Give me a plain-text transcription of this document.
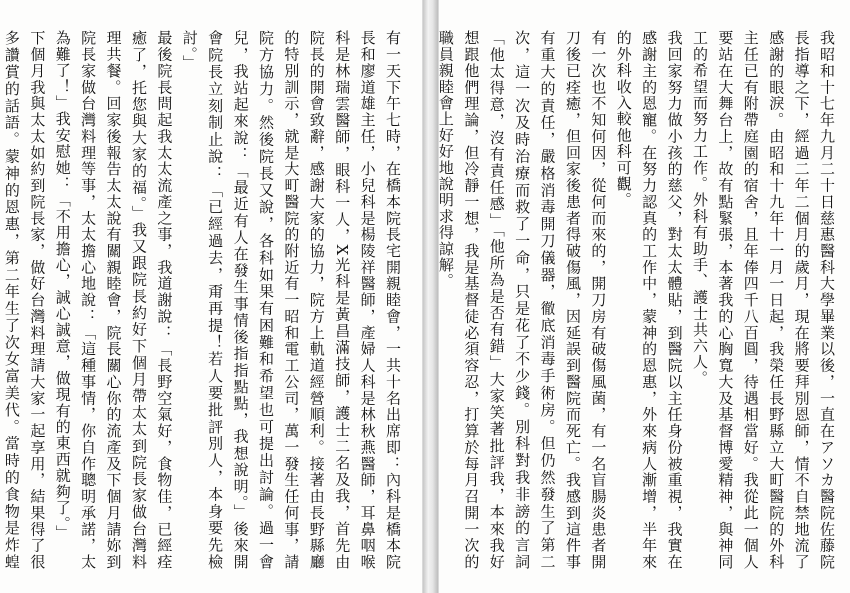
有一天下午七時，在橋本院長宅開親睦會，一共十名出席即：內科是橋本院長和廖道雄主任，小兒科是楊陵祥醫師，產婦人科是林秋燕醫師，耳鼻咽喉科是林瑞雲醫師，眼科一人，X光科是黃昌滿技師，護士二名及我，首先由院長的開會致辭，感謝大家的協力，院方上軌道經營順利。接著由長野縣廳的特別訓示，就是大町醫院的附近有一昭和電工公司，萬一發生任何事，請院方協力。然後院長又說，各科如果有困難和希望也可提出討論。過一會兒，我站起來說：「最近有人在發生事情後指指點點，我想說明。」後來開會院長立刻制止說：「已經過去，甭再提！若人要批評別人，本身要先檢討。」

最後院長問起我太太流產之事，我道謝說：「長野空氣好，食物佳，已經痊癒了，托您與大家的福。」我又跟院長約好下個月帶太太到院長家做台灣料理共餐。回家後報告太太說有關親睦會，院長關心你的流產及下個月請妳到院長家做台灣料理等事，太太擔心地說：「這種事情，你自作聰明承諾，太為難了！」我安慰她：「不用擔心，誠心誠意，做現有的東西就夠了。」

下個月我與太太如約到院長家，做好台灣料理請大家一起享用，結果得了很多讚賞的話語。蒙神的恩惠，第二年生了次女富美代。當時的食物是炸蝗	我昭和十七年九月二十日慈惠醫科大學畢業以後，一直在アソカ醫院佐藤院長指導之下，經過二年二個月的歲月，現在將要拜別恩師，情不自禁地流了感謝的眼淚。由昭和十九年十一月一日起，我榮任長野縣立大町醫院的外科主任已有附帶庭園的宿舍，且年俸四千八百圓，待遇相當好。我從此一個人要站在大舞台上，故有點緊張，本著我的心胸寬大及基督博愛精神，與神同工的希望而努力工作。外科有助手、護士共六人。

我回家努力做小孩的慈父，對太太體貼，到醫院以主任身份被重視，我實在感謝主的恩寵。在努力認真的工作中，蒙神的恩惠，外來病人漸增，半年來的外科收入較他科可觀。

有一次也不知何因，從何而來的，開刀房有破傷風菌，有一名盲腸炎患者開刀後已痊癒，但回家後患者得破傷風，因延誤到醫院而死亡。我感到這件事有重大的責任，嚴格消毒開刀儀器，徹底消毒手術房。但仍然發生了第二次，這一次及時治療而救了一命，只是花了不少錢。別科對我非謗的言詞「他太得意，沒有責任感」「他所為是否有錯」大家笑著批評我，本來我好想跟他們理論，但冷靜一想，我是基督徒必須容忍，打算於每月召開一次的職員親睦會上好好地說明求得諒解。
